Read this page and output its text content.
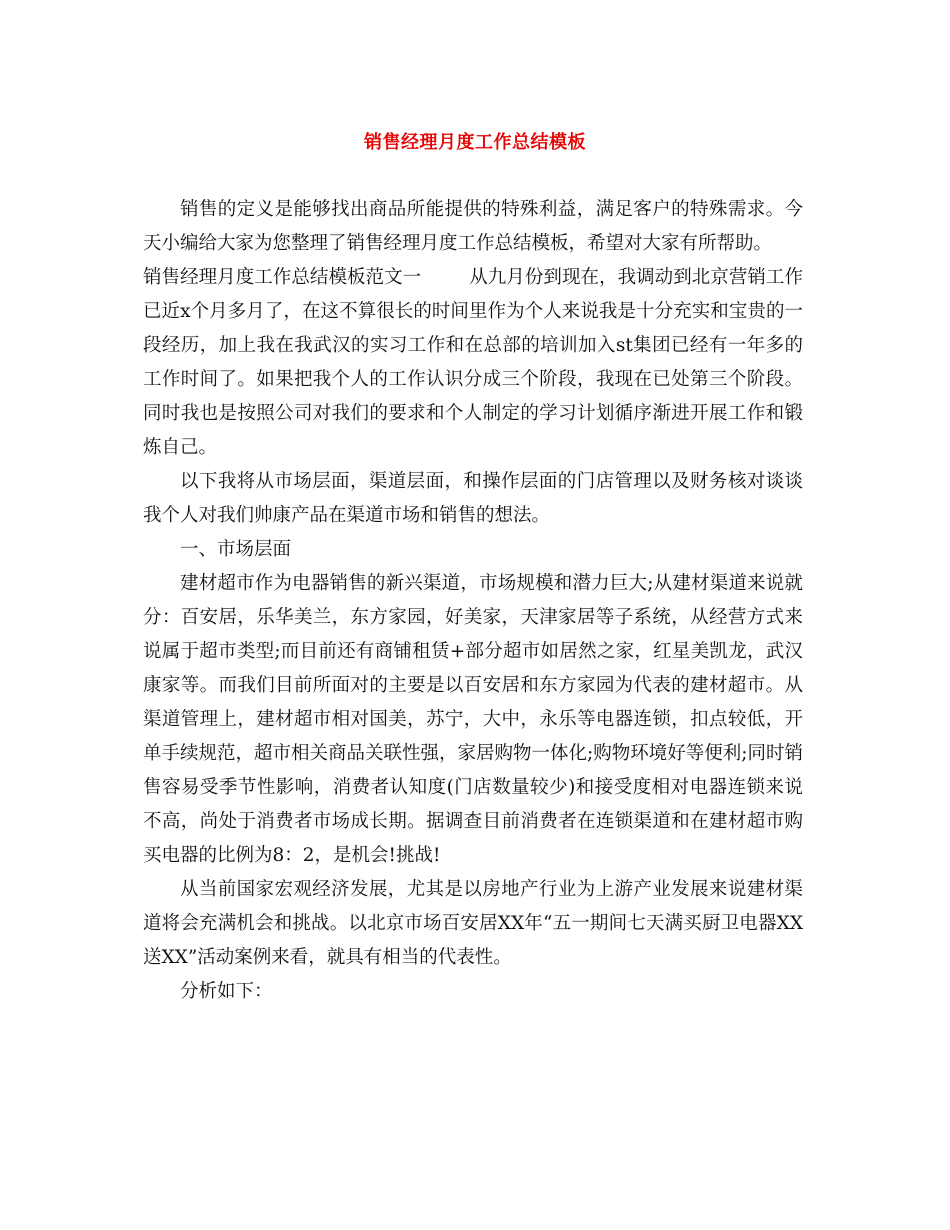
销售经理月度工作总结模板

销售的定义是能够找出商品所能提供的特殊利益，满足客户的特殊需求。今天小编给大家为您整理了销售经理月度工作总结模板，希望对大家有所帮助。

销售经理月度工作总结模板范文一	从九月份到现在，我调动到北京营销工作已近x个月多月了，在这不算很长的时间里作为个人来说我是十分充实和宝贵的一段经历，加上我在我武汉的实习工作和在总部的培训加入st集团已经有一年多的工作时间了。如果把我个人的工作认识分成三个阶段，我现在已处第三个阶段。同时我也是按照公司对我们的要求和个人制定的学习计划循序渐进开展工作和锻炼自己。

以下我将从市场层面，渠道层面，和操作层面的门店管理以及财务核对谈谈我个人对我们帅康产品在渠道市场和销售的想法。

一、市场层面

建材超市作为电器销售的新兴渠道，市场规模和潜力巨大;从建材渠道来说就分：百安居，乐华美兰，东方家园，好美家，天津家居等子系统，从经营方式来说属于超市类型;而目前还有商铺租赁+部分超市如居然之家，红星美凯龙，武汉康家等。而我们目前所面对的主要是以百安居和东方家园为代表的建材超市。从渠道管理上，建材超市相对国美，苏宁，大中，永乐等电器连锁，扣点较低，开单手续规范，超市相关商品关联性强，家居购物一体化;购物环境好等便利;同时销售容易受季节性影响，消费者认知度(门店数量较少)和接受度相对电器连锁来说不高，尚处于消费者市场成长期。据调查目前消费者在连锁渠道和在建材超市购买电器的比例为8：2，是机会!挑战!

从当前国家宏观经济发展，尤其是以房地产行业为上游产业发展来说建材渠道将会充满机会和挑战。以北京市场百安居XX年“五一期间七天满买厨卫电器XX送XX”活动案例来看，就具有相当的代表性。

分析如下：
